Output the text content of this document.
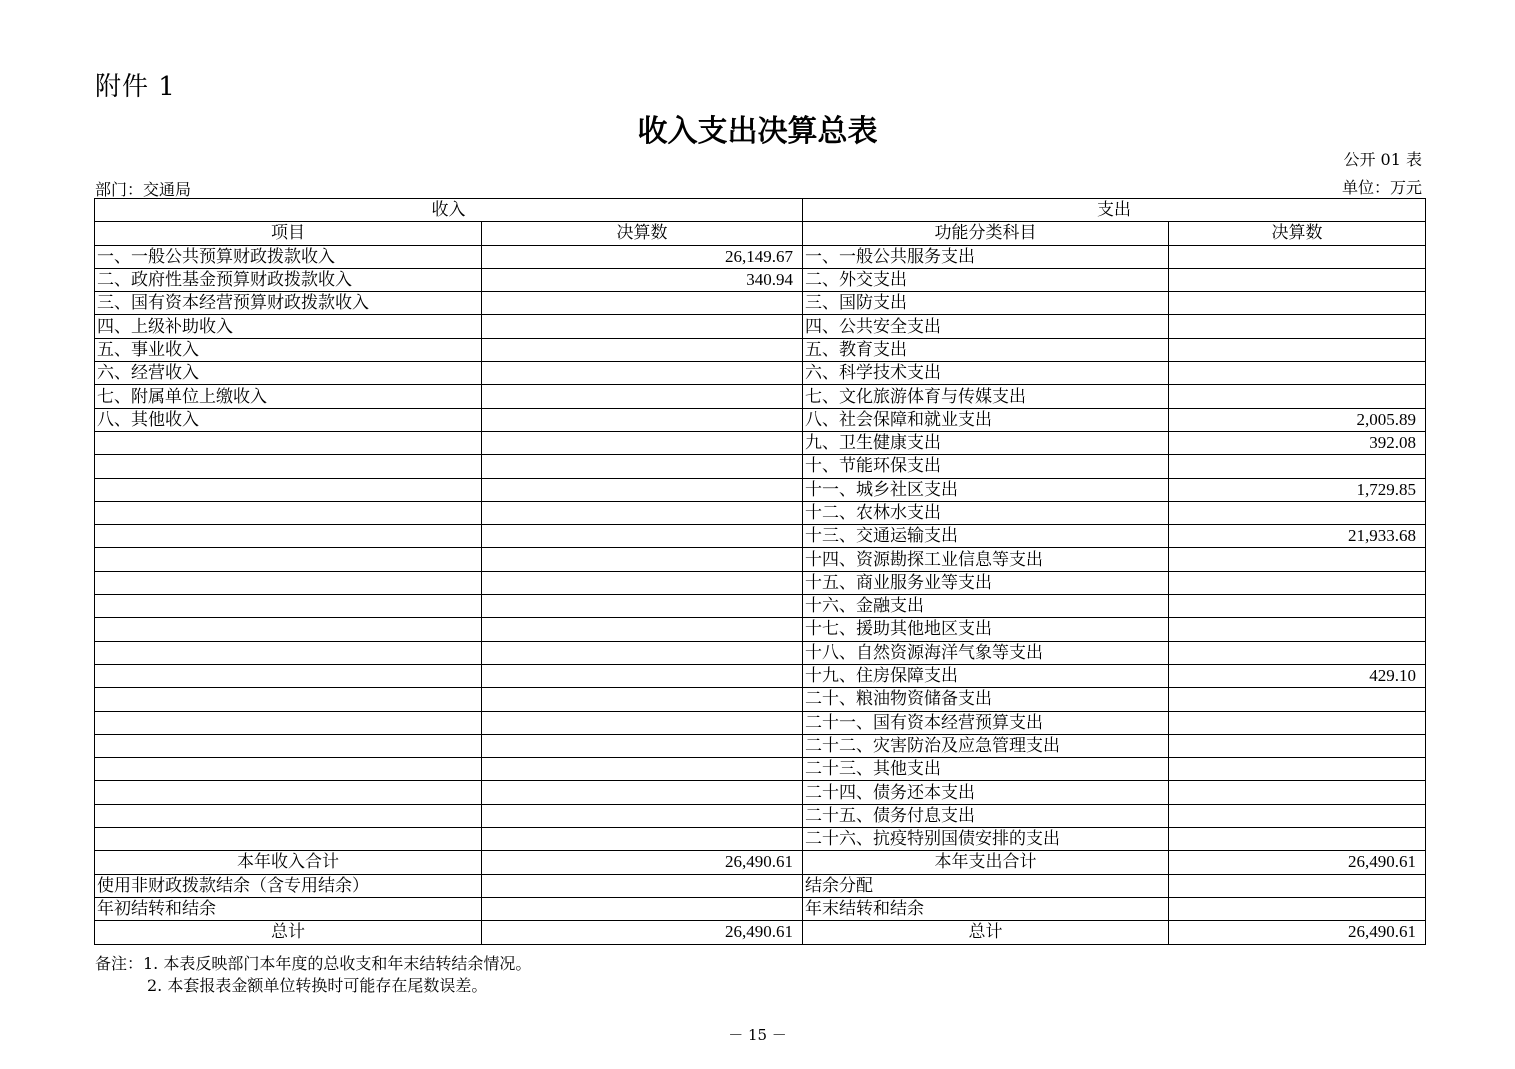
附件 1
收入支出决算总表
公开 01 表
部门：交通局	单位：万元
收入		支出	
项目	决算数	功能分类科目	决算数
一、一般公共预算财政拨款收入	26,149.67	一、一般公共服务支出	
二、政府性基金预算财政拨款收入	340.94	二、外交支出	
三、国有资本经营预算财政拨款收入		三、国防支出	
四、上级补助收入		四、公共安全支出	
五、事业收入		五、教育支出	
六、经营收入		六、科学技术支出	
七、附属单位上缴收入		七、文化旅游体育与传媒支出	
八、其他收入		八、社会保障和就业支出	2,005.89
		九、卫生健康支出	392.08
		十、节能环保支出	
		十一、城乡社区支出	1,729.85
		十二、农林水支出	
		十三、交通运输支出	21,933.68
		十四、资源勘探工业信息等支出	
		十五、商业服务业等支出	
		十六、金融支出	
		十七、援助其他地区支出	
		十八、自然资源海洋气象等支出	
		十九、住房保障支出	429.10
		二十、粮油物资储备支出	
		二十一、国有资本经营预算支出	
		二十二、灾害防治及应急管理支出	
		二十三、其他支出	
		二十四、债务还本支出	
		二十五、债务付息支出	
		二十六、抗疫特别国债安排的支出	
本年收入合计	26,490.61	本年支出合计	26,490.61
使用非财政拨款结余（含专用结余）		结余分配	
年初结转和结余		年末结转和结余	
总计	26,490.61	总计	26,490.61
备注：1. 本表反映部门本年度的总收支和年末结转结余情况。
2. 本套报表金额单位转换时可能存在尾数误差。
－ 15 －
